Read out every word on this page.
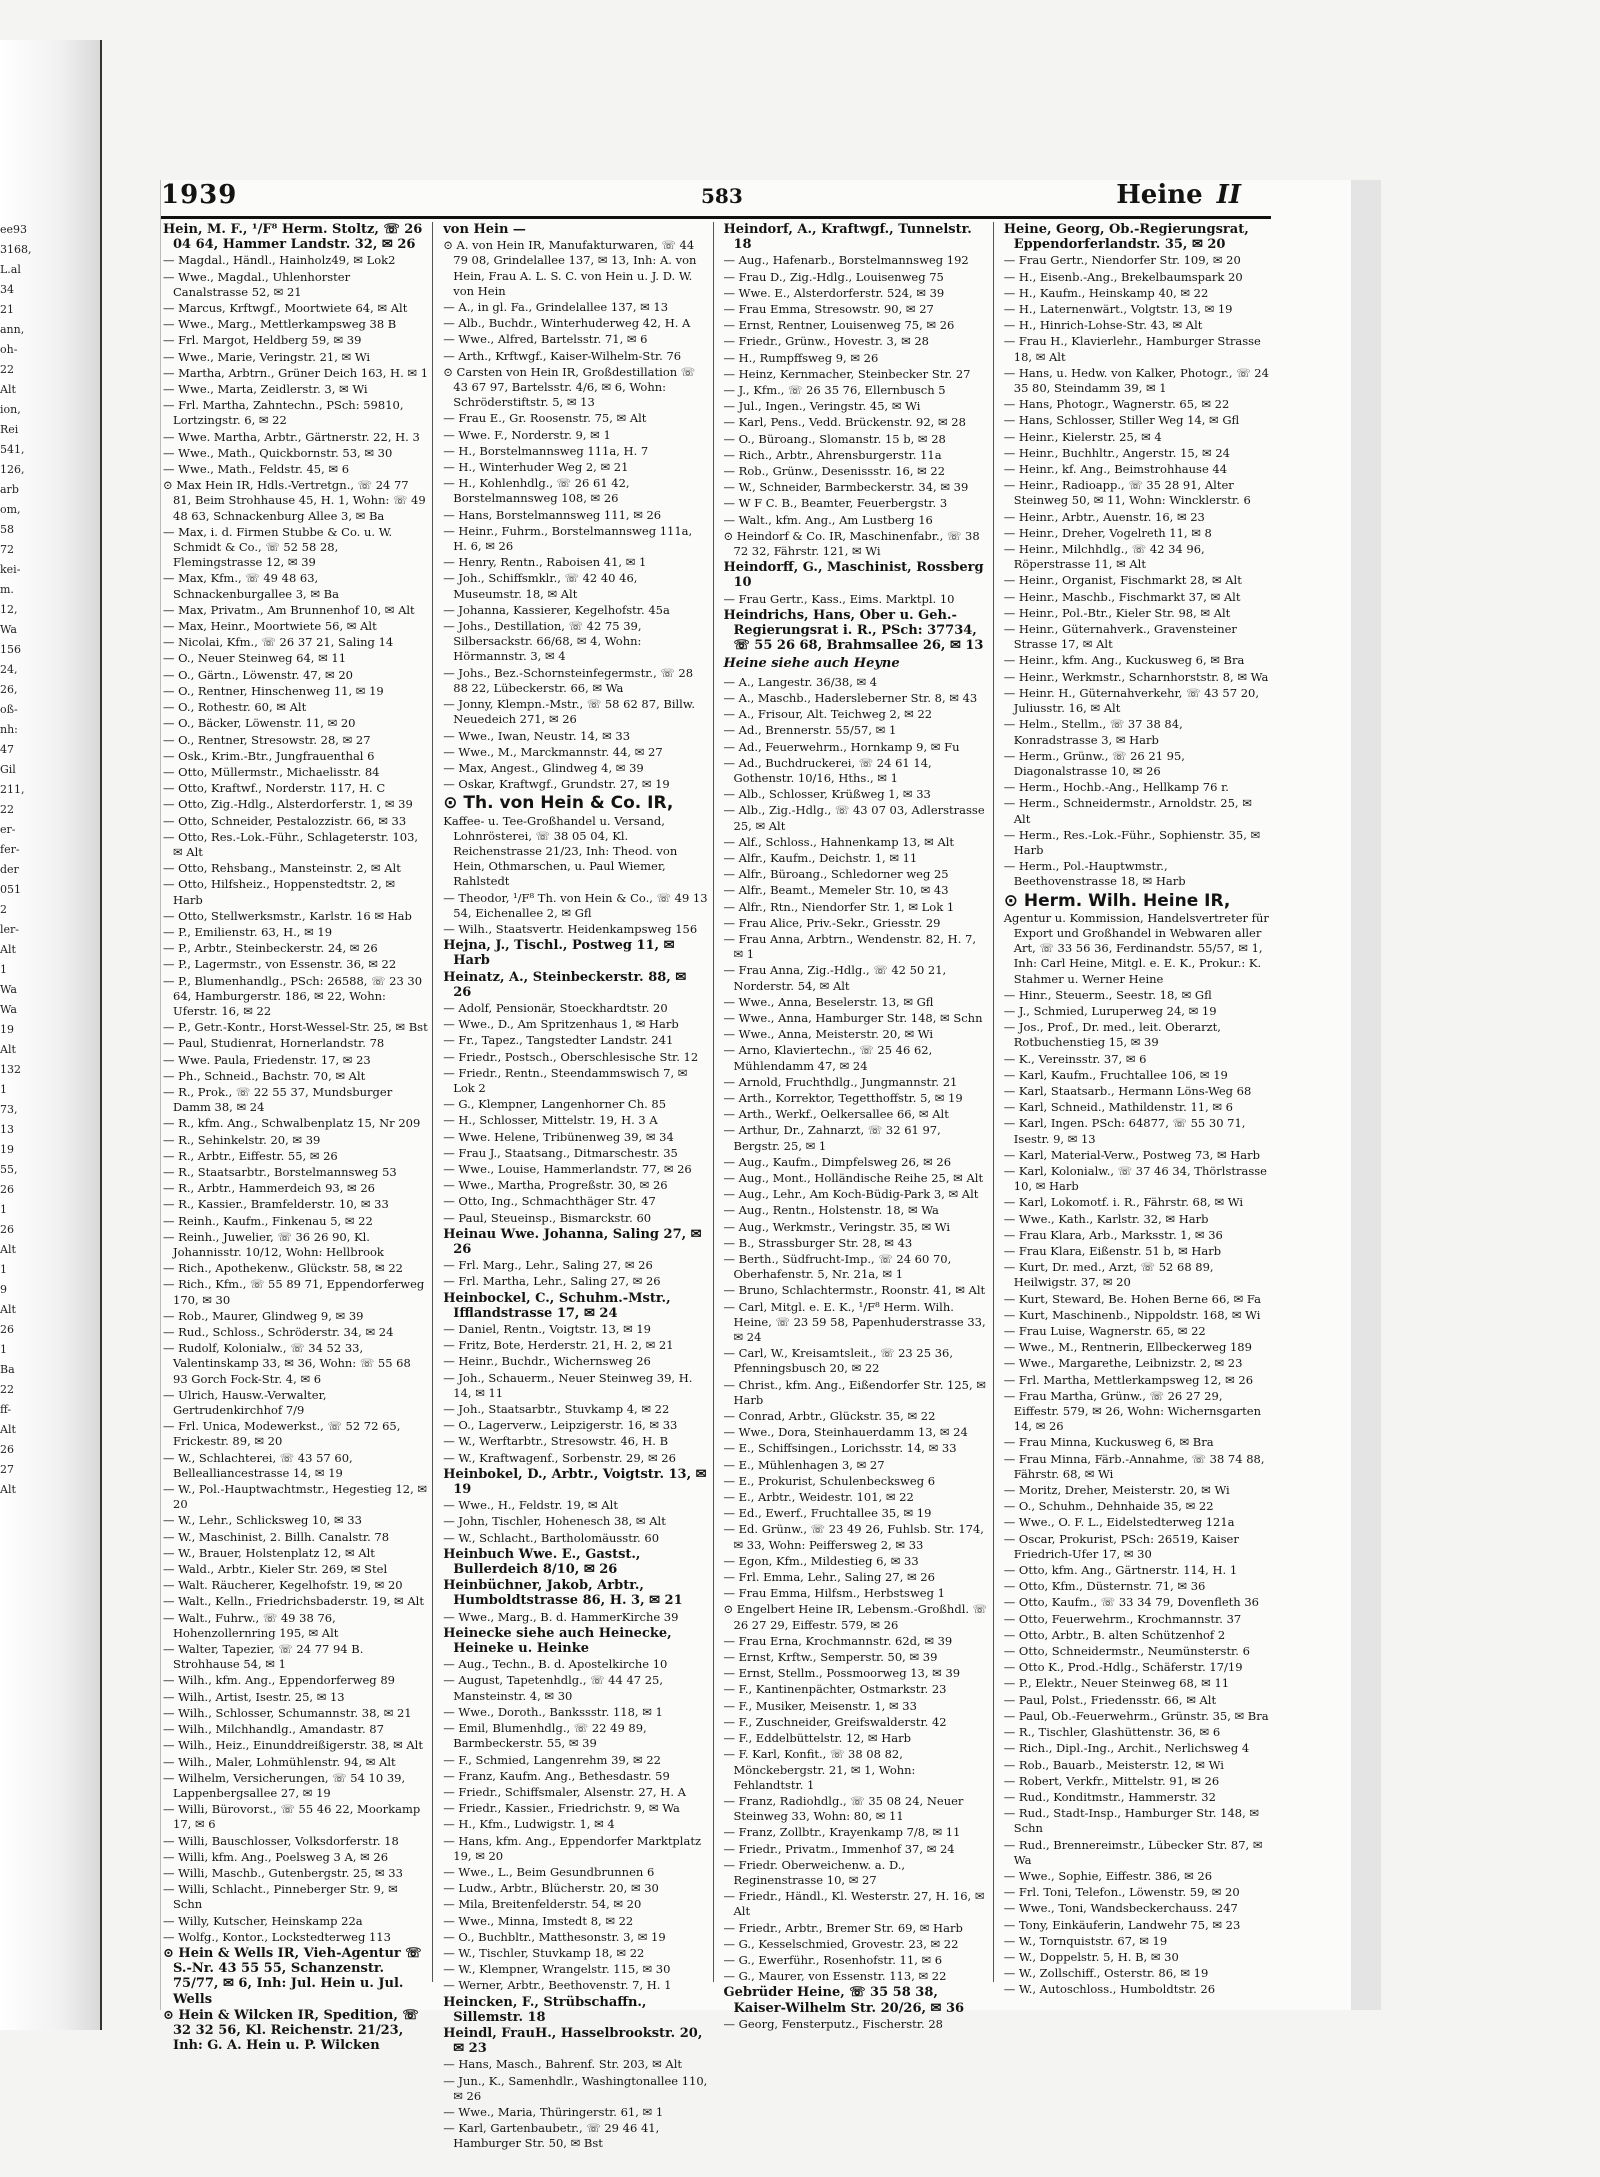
ee93
3168,
L.al
34
21
ann,
oh-
22
Alt
ion,
Rei
541,
126,
arb
om,
58
72
kei-
m.
12,
Wa
156
24,
26,
oß-
nh:
47
Gil
211,
22
er-
fer-
der
051
2
ler-
Alt
1
Wa
Wa
19
Alt
132
1
73,
13
19
55,
26
1
26
Alt
1
9
Alt
26
1
Ba
22
ff-
Alt
26
27
Alt
1939	583	Heine II
Hein, M. F., ¹/F⁸ Herm. Stoltz, ☏ 26 04 64, Hammer Landstr. 32, ✉ 26
— Magdal., Händl., Hainholz49, ✉ Lok2
— Wwe., Magdal., Uhlenhorster Canalstrasse 52, ✉ 21
— Marcus, Krftwgf., Moortwiete 64, ✉ Alt
— Wwe., Marg., Mettlerkampsweg 38 B
— Frl. Margot, Heldberg 59, ✉ 39
— Wwe., Marie, Veringstr. 21, ✉ Wi
— Martha, Arbtrn., Grüner Deich 163, H. ✉ 1
— Wwe., Marta, Zeidlerstr. 3, ✉ Wi
— Frl. Martha, Zahntechn., PSch: 59810, Lortzingstr. 6, ✉ 22
— Wwe. Martha, Arbtr., Gärtnerstr. 22, H. 3
— Wwe., Math., Quickbornstr. 53, ✉ 30
— Wwe., Math., Feldstr. 45, ✉ 6
⊙ Max Hein IR, Hdls.-Vertretgn., ☏ 24 77 81, Beim Strohhause 45, H. 1, Wohn: ☏ 49 48 63, Schnackenburg Allee 3, ✉ Ba
— Max, i. d. Firmen Stubbe & Co. u. W. Schmidt & Co., ☏ 52 58 28, Flemingstrasse 12, ✉ 39
— Max, Kfm., ☏ 49 48 63, Schnackenburgallee 3, ✉ Ba
— Max, Privatm., Am Brunnenhof 10, ✉ Alt
— Max, Heinr., Moortwiete 56, ✉ Alt
— Nicolai, Kfm., ☏ 26 37 21, Saling 14
— O., Neuer Steinweg 64, ✉ 11
— O., Gärtn., Löwenstr. 47, ✉ 20
— O., Rentner, Hinschenweg 11, ✉ 19
— O., Rothestr. 60, ✉ Alt
— O., Bäcker, Löwenstr. 11, ✉ 20
— O., Rentner, Stresowstr. 28, ✉ 27
— Osk., Krim.-Btr., Jungfrauenthal 6
— Otto, Müllermstr., Michaelisstr. 84
— Otto, Kraftwf., Norderstr. 117, H. C
— Otto, Zig.-Hdlg., Alsterdorferstr. 1, ✉ 39
— Otto, Schneider, Pestalozzistr. 66, ✉ 33
— Otto, Res.-Lok.-Führ., Schlageterstr. 103, ✉ Alt
— Otto, Rehsbang., Mansteinstr. 2, ✉ Alt
— Otto, Hilfsheiz., Hoppenstedtstr. 2, ✉ Harb
— Otto, Stellwerksmstr., Karlstr. 16 ✉ Hab
— P., Emilienstr. 63, H., ✉ 19
— P., Arbtr., Steinbeckerstr. 24, ✉ 26
— P., Lagermstr., von Essenstr. 36, ✉ 22
— P., Blumenhandlg., PSch: 26588, ☏ 23 30 64, Hamburgerstr. 186, ✉ 22, Wohn: Uferstr. 16, ✉ 22
— P., Getr.-Kontr., Horst-Wessel-Str. 25, ✉ Bst
— Paul, Studienrat, Hornerlandstr. 78
— Wwe. Paula, Friedenstr. 17, ✉ 23
— Ph., Schneid., Bachstr. 70, ✉ Alt
— R., Prok., ☏ 22 55 37, Mundsburger Damm 38, ✉ 24
— R., kfm. Ang., Schwalbenplatz 15, Nr 209
— R., Sehinkelstr. 20, ✉ 39
— R., Arbtr., Eiffestr. 55, ✉ 26
— R., Staatsarbtr., Borstelmannsweg 53
— R., Arbtr., Hammerdeich 93, ✉ 26
— R., Kassier., Bramfelderstr. 10, ✉ 33
— Reinh., Kaufm., Finkenau 5, ✉ 22
— Reinh., Juwelier, ☏ 36 26 90, Kl. Johannisstr. 10/12, Wohn: Hellbrook
— Rich., Apothekenw., Glückstr. 58, ✉ 22
— Rich., Kfm., ☏ 55 89 71, Eppendorferweg 170, ✉ 30
— Rob., Maurer, Glindweg 9, ✉ 39
— Rud., Schloss., Schröderstr. 34, ✉ 24
— Rudolf, Kolonialw., ☏ 34 52 33, Valentinskamp 33, ✉ 36, Wohn: ☏ 55 68 93 Gorch Fock-Str. 4, ✉ 6
— Ulrich, Hausw.-Verwalter, Gertrudenkirchhof 7/9
— Frl. Unica, Modewerkst., ☏ 52 72 65, Frickestr. 89, ✉ 20
— W., Schlachterei, ☏ 43 57 60, Bellealliancestrasse 14, ✉ 19
— W., Pol.-Hauptwachtmstr., Hegestieg 12, ✉ 20
— W., Lehr., Schlicksweg 10, ✉ 33
— W., Maschinist, 2. Billh. Canalstr. 78
— W., Brauer, Holstenplatz 12, ✉ Alt
— Wald., Arbtr., Kieler Str. 269, ✉ Stel
— Walt. Räucherer, Kegelhofstr. 19, ✉ 20
— Walt., Kelln., Friedrichsbaderstr. 19, ✉ Alt
— Walt., Fuhrw., ☏ 49 38 76, Hohenzollernring 195, ✉ Alt
— Walter, Tapezier, ☏ 24 77 94 B. Strohhause 54, ✉ 1
— Wilh., kfm. Ang., Eppendorferweg 89
— Wilh., Artist, Isestr. 25, ✉ 13
— Wilh., Schlosser, Schumannstr. 38, ✉ 21
— Wilh., Milchhandlg., Amandastr. 87
— Wilh., Heiz., Einunddreißigerstr. 38, ✉ Alt
— Wilh., Maler, Lohmühlenstr. 94, ✉ Alt
— Wilhelm, Versicherungen, ☏ 54 10 39, Lappenbergsallee 27, ✉ 19
— Willi, Bürovorst., ☏ 55 46 22, Moorkamp 17, ✉ 6
— Willi, Bauschlosser, Volksdorferstr. 18
— Willi, kfm. Ang., Poelsweg 3 A, ✉ 26
— Willi, Maschb., Gutenbergstr. 25, ✉ 33
— Willi, Schlacht., Pinneberger Str. 9, ✉ Schn
— Willy, Kutscher, Heinskamp 22a
— Wolfg., Kontor., Lockstedterweg 113
⊙ Hein & Wells IR, Vieh-Agentur ☏ S.-Nr. 43 55 55, Schanzenstr. 75/77, ✉ 6, Inh: Jul. Hein u. Jul. Wells
⊙ Hein & Wilcken IR, Spedition, ☏ 32 32 56, Kl. Reichenstr. 21/23, Inh: G. A. Hein u. P. Wilcken
von Hein —
⊙ A. von Hein IR, Manufakturwaren, ☏ 44 79 08, Grindelallee 137, ✉ 13, Inh: A. von Hein, Frau A. L. S. C. von Hein u. J. D. W. von Hein
— A., in gl. Fa., Grindelallee 137, ✉ 13
— Alb., Buchdr., Winterhuderweg 42, H. A
— Wwe., Alfred, Bartelsstr. 71, ✉ 6
— Arth., Krftwgf., Kaiser-Wilhelm-Str. 76
⊙ Carsten von Hein IR, Großdestillation ☏ 43 67 97, Bartelsstr. 4/6, ✉ 6, Wohn: Schröderstiftstr. 5, ✉ 13
— Frau E., Gr. Roosenstr. 75, ✉ Alt
— Wwe. F., Norderstr. 9, ✉ 1
— H., Borstelmannsweg 111a, H. 7
— H., Winterhuder Weg 2, ✉ 21
— H., Kohlenhdlg., ☏ 26 61 42, Borstelmannsweg 108, ✉ 26
— Hans, Borstelmannsweg 111, ✉ 26
— Heinr., Fuhrm., Borstelmannsweg 111a, H. 6, ✉ 26
— Henry, Rentn., Raboisen 41, ✉ 1
— Joh., Schiffsmklr., ☏ 42 40 46, Museumstr. 18, ✉ Alt
— Johanna, Kassierer, Kegelhofstr. 45a
— Johs., Destillation, ☏ 42 75 39, Silbersackstr. 66/68, ✉ 4, Wohn: Hörmannstr. 3, ✉ 4
— Johs., Bez.-Schornsteinfegermstr., ☏ 28 88 22, Lübeckerstr. 66, ✉ Wa
— Jonny, Klempn.-Mstr., ☏ 58 62 87, Billw. Neuedeich 271, ✉ 26
— Wwe., Iwan, Neustr. 14, ✉ 33
— Wwe., M., Marckmannstr. 44, ✉ 27
— Max, Angest., Glindweg 4, ✉ 39
— Oskar, Kraftwgf., Grundstr. 27, ✉ 19
⊙ Th. von Hein & Co. IR,
Kaffee- u. Tee-Großhandel u. Versand, Lohnrösterei, ☏ 38 05 04, Kl. Reichenstrasse 21/23, Inh: Theod. von Hein, Othmarschen, u. Paul Wiemer, Rahlstedt
— Theodor, ¹/F⁸ Th. von Hein & Co., ☏ 49 13 54, Eichenallee 2, ✉ Gfl
— Wilh., Staatsvertr. Heidenkampsweg 156
Hejna, J., Tischl., Postweg 11, ✉ Harb
Heinatz, A., Steinbeckerstr. 88, ✉ 26
— Adolf, Pensionär, Stoeckhardtstr. 20
— Wwe., D., Am Spritzenhaus 1, ✉ Harb
— Fr., Tapez., Tangstedter Landstr. 241
— Friedr., Postsch., Oberschlesische Str. 12
— Friedr., Rentn., Steendammswisch 7, ✉ Lok 2
— G., Klempner, Langenhorner Ch. 85
— H., Schlosser, Mittelstr. 19, H. 3 A
— Wwe. Helene, Tribünenweg 39, ✉ 34
— Frau J., Staatsang., Ditmarschestr. 35
— Wwe., Louise, Hammerlandstr. 77, ✉ 26
— Wwe., Martha, Progreßstr. 30, ✉ 26
— Otto, Ing., Schmachthäger Str. 47
— Paul, Steueinsp., Bismarckstr. 60
Heinau Wwe. Johanna, Saling 27, ✉ 26
— Frl. Marg., Lehr., Saling 27, ✉ 26
— Frl. Martha, Lehr., Saling 27, ✉ 26
Heinbockel, C., Schuhm.-Mstr., Ifflandstrasse 17, ✉ 24
— Daniel, Rentn., Voigtstr. 13, ✉ 19
— Fritz, Bote, Herderstr. 21, H. 2, ✉ 21
— Heinr., Buchdr., Wichernsweg 26
— Joh., Schauerm., Neuer Steinweg 39, H. 14, ✉ 11
— Joh., Staatsarbtr., Stuvkamp 4, ✉ 22
— O., Lagerverw., Leipzigerstr. 16, ✉ 33
— W., Werftarbtr., Stresowstr. 46, H. B
— W., Kraftwagenf., Sorbenstr. 29, ✉ 26
Heinbokel, D., Arbtr., Voigtstr. 13, ✉ 19
— Wwe., H., Feldstr. 19, ✉ Alt
— John, Tischler, Hohenesch 38, ✉ Alt
— W., Schlacht., Bartholomäusstr. 60
Heinbuch Wwe. E., Gastst., Bullerdeich 8/10, ✉ 26
Heinbüchner, Jakob, Arbtr., Humboldtstrasse 86, H. 3, ✉ 21
— Wwe., Marg., B. d. HammerKirche 39
Heinecke siehe auch Heinecke, Heineke u. Heinke
— Aug., Techn., B. d. Apostelkirche 10
— August, Tapetenhdlg., ☏ 44 47 25, Mansteinstr. 4, ✉ 30
— Wwe., Doroth., Bankssstr. 118, ✉ 1
— Emil, Blumenhdlg., ☏ 22 49 89, Barmbeckerstr. 55, ✉ 39
— F., Schmied, Langenrehm 39, ✉ 22
— Franz, Kaufm. Ang., Bethesdastr. 59
— Friedr., Schiffsmaler, Alsenstr. 27, H. A
— Friedr., Kassier., Friedrichstr. 9, ✉ Wa
— H., Kfm., Ludwigstr. 1, ✉ 4
— Hans, kfm. Ang., Eppendorfer Marktplatz 19, ✉ 20
— Wwe., L., Beim Gesundbrunnen 6
— Ludw., Arbtr., Blücherstr. 20, ✉ 30
— Mila, Breitenfelderstr. 54, ✉ 20
— Wwe., Minna, Imstedt 8, ✉ 22
— O., Buchbltr., Matthesonstr. 3, ✉ 19
— W., Tischler, Stuvkamp 18, ✉ 22
— W., Klempner, Wrangelstr. 115, ✉ 30
— Werner, Arbtr., Beethovenstr. 7, H. 1
Heincken, F., Strübschaffn., Sillemstr. 18
Heindl, FrauH., Hasselbrookstr. 20, ✉ 23
— Hans, Masch., Bahrenf. Str. 203, ✉ Alt
— Jun., K., Samenhdlr., Washingtonallee 110, ✉ 26
— Wwe., Maria, Thüringerstr. 61, ✉ 1
— Karl, Gartenbaubetr., ☏ 29 46 41, Hamburger Str. 50, ✉ Bst
Heindorf, A., Kraftwgf., Tunnelstr. 18
— Aug., Hafenarb., Borstelmannsweg 192
— Frau D., Zig.-Hdlg., Louisenweg 75
— Wwe. E., Alsterdorferstr. 524, ✉ 39
— Frau Emma, Stresowstr. 90, ✉ 27
— Ernst, Rentner, Louisenweg 75, ✉ 26
— Friedr., Grünw., Hovestr. 3, ✉ 28
— H., Rumpffsweg 9, ✉ 26
— Heinz, Kernmacher, Steinbecker Str. 27
— J., Kfm., ☏ 26 35 76, Ellernbusch 5
— Jul., Ingen., Veringstr. 45, ✉ Wi
— Karl, Pens., Vedd. Brückenstr. 92, ✉ 28
— O., Büroang., Slomanstr. 15 b, ✉ 28
— Rich., Arbtr., Ahrensburgerstr. 11a
— Rob., Grünw., Desenissstr. 16, ✉ 22
— W., Schneider, Barmbeckerstr. 34, ✉ 39
— W F C. B., Beamter, Feuerbergstr. 3
— Walt., kfm. Ang., Am Lustberg 16
⊙ Heindorf & Co. IR, Maschinenfabr., ☏ 38 72 32, Fährstr. 121, ✉ Wi
Heindorff, G., Maschinist, Rossberg 10
— Frau Gertr., Kass., Eims. Marktpl. 10
Heindrichs, Hans, Ober u. Geh.-Regierungsrat i. R., PSch: 37734, ☏ 55 26 68, Brahmsallee 26, ✉ 13
Heine siehe auch Heyne
— A., Langestr. 36/38, ✉ 4
— A., Maschb., Hadersleberner Str. 8, ✉ 43
— A., Frisour, Alt. Teichweg 2, ✉ 22
— Ad., Brennerstr. 55/57, ✉ 1
— Ad., Feuerwehrm., Hornkamp 9, ✉ Fu
— Ad., Buchdruckerei, ☏ 24 61 14, Gothenstr. 10/16, Hths., ✉ 1
— Alb., Schlosser, Krüßweg 1, ✉ 33
— Alb., Zig.-Hdlg., ☏ 43 07 03, Adlerstrasse 25, ✉ Alt
— Alf., Schloss., Hahnenkamp 13, ✉ Alt
— Alfr., Kaufm., Deichstr. 1, ✉ 11
— Alfr., Büroang., Schledorner weg 25
— Alfr., Beamt., Memeler Str. 10, ✉ 43
— Alfr., Rtn., Niendorfer Str. 1, ✉ Lok 1
— Frau Alice, Priv.-Sekr., Griesstr. 29
— Frau Anna, Arbtrn., Wendenstr. 82, H. 7, ✉ 1
— Frau Anna, Zig.-Hdlg., ☏ 42 50 21, Norderstr. 54, ✉ Alt
— Wwe., Anna, Beselerstr. 13, ✉ Gfl
— Wwe., Anna, Hamburger Str. 148, ✉ Schn
— Wwe., Anna, Meisterstr. 20, ✉ Wi
— Arno, Klaviertechn., ☏ 25 46 62, Mühlendamm 47, ✉ 24
— Arnold, Fruchthdlg., Jungmannstr. 21
— Arth., Korrektor, Tegetthoffstr. 5, ✉ 19
— Arth., Werkf., Oelkersallee 66, ✉ Alt
— Arthur, Dr., Zahnarzt, ☏ 32 61 97, Bergstr. 25, ✉ 1
— Aug., Kaufm., Dimpfelsweg 26, ✉ 26
— Aug., Mont., Holländische Reihe 25, ✉ Alt
— Aug., Lehr., Am Koch-Büdig-Park 3, ✉ Alt
— Aug., Rentn., Holstenstr. 18, ✉ Wa
— Aug., Werkmstr., Veringstr. 35, ✉ Wi
— B., Strassburger Str. 28, ✉ 43
— Berth., Südfrucht-Imp., ☏ 24 60 70, Oberhafenstr. 5, Nr. 21a, ✉ 1
— Bruno, Schlachtermstr., Roonstr. 41, ✉ Alt
— Carl, Mitgl. e. E. K., ¹/F⁸ Herm. Wilh. Heine, ☏ 23 59 58, Papenhuderstrasse 33, ✉ 24
— Carl, W., Kreisamtsleit., ☏ 23 25 36, Pfenningsbusch 20, ✉ 22
— Christ., kfm. Ang., Eißendorfer Str. 125, ✉ Harb
— Conrad, Arbtr., Glückstr. 35, ✉ 22
— Wwe., Dora, Steinhauerdamm 13, ✉ 24
— E., Schiffsingen., Lorichsstr. 14, ✉ 33
— E., Mühlenhagen 3, ✉ 27
— E., Prokurist, Schulenbecksweg 6
— E., Arbtr., Weidestr. 101, ✉ 22
— Ed., Ewerf., Fruchtallee 35, ✉ 19
— Ed. Grünw., ☏ 23 49 26, Fuhlsb. Str. 174, ✉ 33, Wohn: Peiffersweg 2, ✉ 33
— Egon, Kfm., Mildestieg 6, ✉ 33
— Frl. Emma, Lehr., Saling 27, ✉ 26
— Frau Emma, Hilfsm., Herbstsweg 1
⊙ Engelbert Heine IR, Lebensm.-Großhdl. ☏ 26 27 29, Eiffestr. 579, ✉ 26
— Frau Erna, Krochmannstr. 62d, ✉ 39
— Ernst, Krftw., Semperstr. 50, ✉ 39
— Ernst, Stellm., Possmoorweg 13, ✉ 39
— F., Kantinenpächter, Ostmarkstr. 23
— F., Musiker, Meisenstr. 1, ✉ 33
— F., Zuschneider, Greifswalderstr. 42
— F., Eddelbüttelstr. 12, ✉ Harb
— F. Karl, Konfit., ☏ 38 08 82, Mönckebergstr. 21, ✉ 1, Wohn: Fehlandtstr. 1
— Franz, Radiohdlg., ☏ 35 08 24, Neuer Steinweg 33, Wohn: 80, ✉ 11
— Franz, Zollbtr., Krayenkamp 7/8, ✉ 11
— Friedr., Privatm., Immenhof 37, ✉ 24
— Friedr. Oberweichenw. a. D., Reginenstrasse 10, ✉ 27
— Friedr., Händl., Kl. Westerstr. 27, H. 16, ✉ Alt
— Friedr., Arbtr., Bremer Str. 69, ✉ Harb
— G., Kesselschmied, Grovestr. 23, ✉ 22
— G., Ewerführ., Rosenhofstr. 11, ✉ 6
— G., Maurer, von Essenstr. 113, ✉ 22
Gebrüder Heine, ☏ 35 58 38, Kaiser-Wilhelm Str. 20/26, ✉ 36
— Georg, Fensterputz., Fischerstr. 28
Heine, Georg, Ob.-Regierungsrat, Eppendorferlandstr. 35, ✉ 20
— Frau Gertr., Niendorfer Str. 109, ✉ 20
— H., Eisenb.-Ang., Brekelbaumspark 20
— H., Kaufm., Heinskamp 40, ✉ 22
— H., Laternenwärt., Volgtstr. 13, ✉ 19
— H., Hinrich-Lohse-Str. 43, ✉ Alt
— Frau H., Klavierlehr., Hamburger Strasse 18, ✉ Alt
— Hans, u. Hedw. von Kalker, Photogr., ☏ 24 35 80, Steindamm 39, ✉ 1
— Hans, Photogr., Wagnerstr. 65, ✉ 22
— Hans, Schlosser, Stiller Weg 14, ✉ Gfl
— Heinr., Kielerstr. 25, ✉ 4
— Heinr., Buchhltr., Angerstr. 15, ✉ 24
— Heinr., kf. Ang., Beimstrohhause 44
— Heinr., Radioapp., ☏ 35 28 91, Alter Steinweg 50, ✉ 11, Wohn: Wincklerstr. 6
— Heinr., Arbtr., Auenstr. 16, ✉ 23
— Heinr., Dreher, Vogelreth 11, ✉ 8
— Heinr., Milchhdlg., ☏ 42 34 96, Röperstrasse 11, ✉ Alt
— Heinr., Organist, Fischmarkt 28, ✉ Alt
— Heinr., Maschb., Fischmarkt 37, ✉ Alt
— Heinr., Pol.-Btr., Kieler Str. 98, ✉ Alt
— Heinr., Güternahverk., Gravensteiner Strasse 17, ✉ Alt
— Heinr., kfm. Ang., Kuckusweg 6, ✉ Bra
— Heinr., Werkmstr., Scharnhorststr. 8, ✉ Wa
— Heinr. H., Güternahverkehr, ☏ 43 57 20, Juliusstr. 16, ✉ Alt
— Helm., Stellm., ☏ 37 38 84, Konradstrasse 3, ✉ Harb
— Herm., Grünw., ☏ 26 21 95, Diagonalstrasse 10, ✉ 26
— Herm., Hochb.-Ang., Hellkamp 76 r.
— Herm., Schneidermstr., Arnoldstr. 25, ✉ Alt
— Herm., Res.-Lok.-Führ., Sophienstr. 35, ✉ Harb
— Herm., Pol.-Hauptwmstr., Beethovenstrasse 18, ✉ Harb
⊙ Herm. Wilh. Heine IR,
Agentur u. Kommission, Handelsvertreter für Export und Großhandel in Webwaren aller Art, ☏ 33 56 36, Ferdinandstr. 55/57, ✉ 1, Inh: Carl Heine, Mitgl. e. E. K., Prokur.: K. Stahmer u. Werner Heine
— Hinr., Steuerm., Seestr. 18, ✉ Gfl
— J., Schmied, Luruperweg 24, ✉ 19
— Jos., Prof., Dr. med., leit. Oberarzt, Rotbuchenstieg 15, ✉ 39
— K., Vereinsstr. 37, ✉ 6
— Karl, Kaufm., Fruchtallee 106, ✉ 19
— Karl, Staatsarb., Hermann Löns-Weg 68
— Karl, Schneid., Mathildenstr. 11, ✉ 6
— Karl, Ingen. PSch: 64877, ☏ 55 30 71, Isestr. 9, ✉ 13
— Karl, Material-Verw., Postweg 73, ✉ Harb
— Karl, Kolonialw., ☏ 37 46 34, Thörlstrasse 10, ✉ Harb
— Karl, Lokomotf. i. R., Fährstr. 68, ✉ Wi
— Wwe., Kath., Karlstr. 32, ✉ Harb
— Frau Klara, Arb., Marksstr. 1, ✉ 36
— Frau Klara, Eißenstr. 51 b, ✉ Harb
— Kurt, Dr. med., Arzt, ☏ 52 68 89, Heilwigstr. 37, ✉ 20
— Kurt, Steward, Be. Hohen Berne 66, ✉ Fa
— Kurt, Maschinenb., Nippoldstr. 168, ✉ Wi
— Frau Luise, Wagnerstr. 65, ✉ 22
— Wwe., M., Rentnerin, Ellbeckerweg 189
— Wwe., Margarethe, Leibnizstr. 2, ✉ 23
— Frl. Martha, Mettlerkampsweg 12, ✉ 26
— Frau Martha, Grünw., ☏ 26 27 29, Eiffestr. 579, ✉ 26, Wohn: Wichernsgarten 14, ✉ 26
— Frau Minna, Kuckusweg 6, ✉ Bra
— Frau Minna, Färb.-Annahme, ☏ 38 74 88, Fährstr. 68, ✉ Wi
— Moritz, Dreher, Meisterstr. 20, ✉ Wi
— O., Schuhm., Dehnhaide 35, ✉ 22
— Wwe., O. F. L., Eidelstedterweg 121a
— Oscar, Prokurist, PSch: 26519, Kaiser Friedrich-Ufer 17, ✉ 30
— Otto, kfm. Ang., Gärtnerstr. 114, H. 1
— Otto, Kfm., Düsternstr. 71, ✉ 36
— Otto, Kaufm., ☏ 33 34 79, Dovenfleth 36
— Otto, Feuerwehrm., Krochmannstr. 37
— Otto, Arbtr., B. alten Schützenhof 2
— Otto, Schneidermstr., Neumünsterstr. 6
— Otto K., Prod.-Hdlg., Schäferstr. 17/19
— P., Elektr., Neuer Steinweg 68, ✉ 11
— Paul, Polst., Friedensstr. 66, ✉ Alt
— Paul, Ob.-Feuerwehrm., Grünstr. 35, ✉ Bra
— R., Tischler, Glashüttenstr. 36, ✉ 6
— Rich., Dipl.-Ing., Archit., Nerlichsweg 4
— Rob., Bauarb., Meisterstr. 12, ✉ Wi
— Robert, Verkfr., Mittelstr. 91, ✉ 26
— Rud., Konditmstr., Hammerstr. 32
— Rud., Stadt-Insp., Hamburger Str. 148, ✉ Schn
— Rud., Brennereimstr., Lübecker Str. 87, ✉ Wa
— Wwe., Sophie, Eiffestr. 386, ✉ 26
— Frl. Toni, Telefon., Löwenstr. 59, ✉ 20
— Wwe., Toni, Wandsbeckerchauss. 247
— Tony, Einkäuferin, Landwehr 75, ✉ 23
— W., Tornquiststr. 67, ✉ 19
— W., Doppelstr. 5, H. B, ✉ 30
— W., Zollschiff., Osterstr. 86, ✉ 19
— W., Autoschloss., Humboldtstr. 26
